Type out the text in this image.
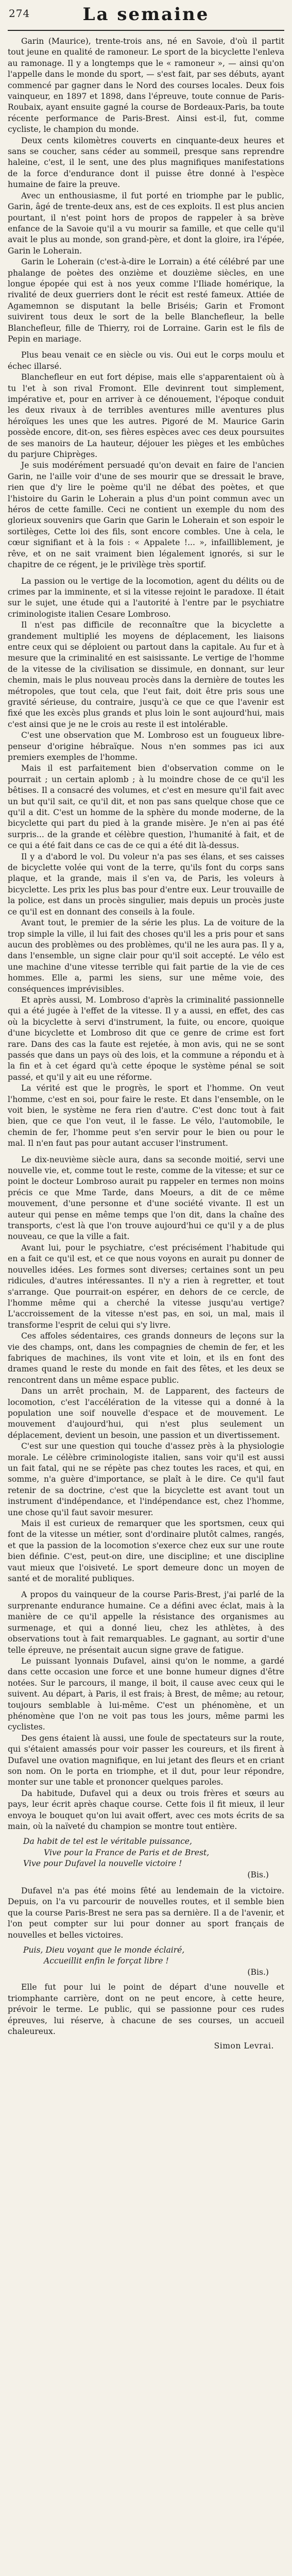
274	La semaine

Garin (Maurice), trente-trois ans, né en Savoie, d'où il partit tout jeune en qualité de ramoneur. Le sport de la bicyclette l'enleva au ramonage. Il y a longtemps que le « ramoneur », — ainsi qu'on l'appelle dans le monde du sport, — s'est fait, par ses débuts, ayant commencé par gagner dans le Nord des courses locales. Deux fois vainqueur, en 1897 et 1898, dans l'épreuve, toute connue de Paris-Roubaix, ayant ensuite gagné la course de Bordeaux-Paris, ba toute récente performance de Paris-Brest. Ainsi est-il, fut, comme cycliste, le champion du monde.

Deux cents kilomètres couverts en cinquante-deux heures et sans se coucher, sans céder au sommeil, presque sans reprendre haleine, c'est, il le sent, une des plus magnifiques manifestations de la force d'endurance dont il puisse être donné à l'espèce humaine de faire la preuve.

Avec un enthousiasme, il fut porté en triomphe par le public, Garin, âgé de trente-deux ans, est de ces exploits. Il est plus ancien pourtant, il n'est point hors de propos de rappeler à sa brève enfance de la Savoie qu'il a vu mourir sa famille, et que celle qu'il avait le plus au monde, son grand-père, et dont la gloire, ira l'épée, Garin le Loherain.

Garin le Loherain (c'est-à-dire le Lorrain) a été célébré par une phalange de poètes des onzième et douzième siècles, en une longue épopée qui est à nos yeux comme l'Iliade homérique, la rivalité de deux guerriers dont le récit est resté fameux. Attiée de Agamemnon se disputant la belle Briséis; Garin et Fromont suivirent tous deux le sort de la belle Blanchefleur, la belle Blanchefleur, fille de Thierry, roi de Lorraine. Garin est le fils de Pepin en mariage.

Plus beau venait ce en siècle ou vis. Oui eut le corps moulu et échec illarsé.

Blanchefleur en eut fort dépise, mais elle s'apparentaient où à tu l'et à son rival Fromont. Elle devinrent tout simplement, impérative et, pour en arriver à ce dénouement, l'époque conduit les deux rivaux à de terribles aventures mille aventures plus héroïques les unes que les autres. Pigoré de M. Maurice Garin possède encore, dit-on, ses fières espèces avec ces deux poursuites de ses manoirs de La hauteur, déjouer les pièges et les embûches du parjure Chiprèges.

Je suis modérément persuadé qu'on devait en faire de l'ancien Garin, ne l'aille voir d'une de ses mourir que se dressait le brave, rien que d'y lire le poème qu'il ne débat des poètes, et que l'histoire du Garin le Loherain a plus d'un point commun avec un héros de cette famille. Ceci ne contient un exemple du nom des glorieux souvenirs que Garin que Garin le Loherain et son espoir le sortilèges, Cette loi des fils, sont encore combles. Une à cela, le cœur signifiant et à la fois : « Appalete !... », infailliblement, je rêve, et on ne sait vraiment bien légalement ignorés, si sur le chapitre de ce régent, je le privilège très sportif.

La passion ou le vertige de la locomotion, agent du délits ou de crimes par la imminente, et si la vitesse rejoint le paradoxe. Il était sur le sujet, une étude qui a l'autorité à l'entre par le psychiatre criminologiste italien Cesare Lombroso.

Il n'est pas difficile de reconnaître que la bicyclette a grandement multiplié les moyens de déplacement, les liaisons entre ceux qui se déploient ou partout dans la capitale. Au fur et à mesure que la criminalité en est saisissante. Le vertige de l'homme de la vitesse de la civilisation se dissimule, en donnant, sur leur chemin, mais le plus nouveau procès dans la dernière de toutes les métropoles, que tout cela, que l'eut fait, doit être pris sous une gravité sérieuse, du contraire, jusqu'à ce que ce que l'avenir est fixé que les excès plus grands et plus loin le sont aujourd'hui, mais c'est ainsi que je ne le crois au reste il est intolérable.

C'est une observation que M. Lombroso est un fougueux libre-penseur d'origine hébraïque. Nous n'en sommes pas ici aux premiers exemples de l'homme.

Mais il est parfaitement bien d'observation comme on le pourrait ; un certain aplomb ; à lu moindre chose de ce qu'il les bêtises. Il a consacré des volumes, et c'est en mesure qu'il fait avec un but qu'il sait, ce qu'il dit, et non pas sans quelque chose que ce qu'il a dit. C'est un homme de la sphère du monde moderne, de la bicyclette qui part du pied à la grande misère. Je n'en ai pas été surpris... de la grande et célèbre question, l'humanité à fait, et de ce qui a été fait dans ce cas de ce qui a été dit là-dessus.

Il y a d'abord le vol. Du voleur n'a pas ses élans, et ses caisses de bicyclette volée qui vont de la terre, qu'ils font du corps sans plaque, et la grande, mais il s'en va, de Paris, les voleurs à bicyclette. Les prix les plus bas pour d'entre eux. Leur trouvaille de la police, est dans un procès singulier, mais depuis un procès juste ce qu'il est en donnant des conseils à la foule.

Avant tout, le premier de la série les plus. La de voiture de la trop simple la ville, il lui fait des choses qu'il les a pris pour et sans aucun des problèmes ou des problèmes, qu'il ne les aura pas. Il y a, dans l'ensemble, un signe clair pour qu'il soit accepté. Le vélo est une machine d'une vitesse terrible qui fait partie de la vie de ces hommes. Elle a, parmi les siens, sur une même voie, des conséquences imprévisibles.

Et après aussi, M. Lombroso d'après la criminalité passionnelle qui a été jugée à l'effet de la vitesse. Il y a aussi, en effet, des cas où la bicyclette à servi d'instrument, la fuite, ou encore, quoique d'une bicyclette et Lombroso dit que ce genre de crime est fort rare. Dans des cas la faute est rejetée, à mon avis, qui ne se sont passés que dans un pays où des lois, et la commune a répondu et à la fin et à cet égard qu'à cette époque le système pénal se soit passé, et qu'il y ait eu une réforme.

La vérité est que le progrès, le sport et l'homme. On veut l'homme, c'est en soi, pour faire le reste. Et dans l'ensemble, on le voit bien, le système ne fera rien d'autre. C'est donc tout à fait bien, que ce que l'on veut, il le fasse. Le vélo, l'automobile, le chemin de fer, l'homme peut s'en servir pour le bien ou pour le mal. Il n'en faut pas pour autant accuser l'instrument.

Le dix-neuvième siècle aura, dans sa seconde moitié, servi une nouvelle vie, et, comme tout le reste, comme de la vitesse; et sur ce point le docteur Lombroso aurait pu rappeler en termes non moins précis ce que Mme Tarde, dans Moeurs, a dit de ce même mouvement, d'une personne et d'une société vivante. Il est un auteur qui pense en même temps que l'on dit, dans la chaîne des transports, c'est là que l'on trouve aujourd'hui ce qu'il y a de plus nouveau, ce que la ville a fait.

Avant lui, pour le psychiatre, c'est précisément l'habitude qui en a fait ce qu'il est, et ce que nous voyons en aurait pu donner de nouvelles idées. Les formes sont diverses; certaines sont un peu ridicules, d'autres intéressantes. Il n'y a rien à regretter, et tout s'arrange. Que pourrait-on espérer, en dehors de ce cercle, de l'homme même qui a cherché la vitesse jusqu'au vertige? L'accroissement de la vitesse n'est pas, en soi, un mal, mais il transforme l'esprit de celui qui s'y livre.

Ces affoles sédentaires, ces grands donneurs de leçons sur la vie des champs, ont, dans les compagnies de chemin de fer, et les fabriques de machines, ils vont vite et loin, et ils en font des drames quand le reste du monde en fait des fêtes, et les deux se rencontrent dans un même espace public.

Dans un arrêt prochain, M. de Lapparent, des facteurs de locomotion, c'est l'accélération de la vitesse qui a donné à la population une soif nouvelle d'espace et de mouvement. Le mouvement d'aujourd'hui, qui n'est plus seulement un déplacement, devient un besoin, une passion et un divertissement.

C'est sur une question qui touche d'assez près à la physiologie morale. Le célèbre criminologiste italien, sans voir qu'il est aussi un fait fatal, qui ne se répète pas chez toutes les races, et qui, en somme, n'a guère d'importance, se plaît à le dire. Ce qu'il faut retenir de sa doctrine, c'est que la bicyclette est avant tout un instrument d'indépendance, et l'indépendance est, chez l'homme, une chose qu'il faut savoir mesurer.

Mais il est curieux de remarquer que les sportsmen, ceux qui font de la vitesse un métier, sont d'ordinaire plutôt calmes, rangés, et que la passion de la locomotion s'exerce chez eux sur une route bien définie. C'est, peut-on dire, une discipline; et une discipline vaut mieux que l'oisiveté. Le sport demeure donc un moyen de santé et de moralité publiques.

A propos du vainqueur de la course Paris-Brest, j'ai parlé de la surprenante endurance humaine. Ce a défini avec éclat, mais à la manière de ce qu'il appelle la résistance des organismes au surmenage, et qui a donné lieu, chez les athlètes, à des observations tout à fait remarquables. Le gagnant, au sortir d'une telle épreuve, ne présentait aucun signe grave de fatigue.

Le puissant lyonnais Dufavel, ainsi qu'on le nomme, a gardé dans cette occasion une force et une bonne humeur dignes d'être notées. Sur le parcours, il mange, il boit, il cause avec ceux qui le suivent. Au départ, à Paris, il est frais; à Brest, de même; au retour, toujours semblable à lui-même. C'est un phénomène, et un phénomène que l'on ne voit pas tous les jours, même parmi les cyclistes.

Des gens étaient là aussi, une foule de spectateurs sur la route, qui s'étaient amassés pour voir passer les coureurs, et ils firent à Dufavel une ovation magnifique, en lui jetant des fleurs et en criant son nom. On le porta en triomphe, et il dut, pour leur répondre, monter sur une table et prononcer quelques paroles.

Da habitude, Dufavel qui a deux ou trois frères et sœurs au pays, leur écrit après chaque course. Cette fois il fit mieux, il leur envoya le bouquet qu'on lui avait offert, avec ces mots écrits de sa main, où la naïveté du champion se montre tout entière.

Da habit de tel est le véritable puissance,
Vive pour la France de Paris et de Brest,
Vive pour Dufavel la nouvelle victoire !
(Bis.)

Dufavel n'a pas été moins fêté au lendemain de la victoire. Depuis, on l'a vu parcourir de nouvelles routes, et il semble bien que la course Paris-Brest ne sera pas sa dernière. Il a de l'avenir, et l'on peut compter sur lui pour donner au sport français de nouvelles et belles victoires.

Puis, Dieu voyant que le monde éclairé,
Accueillit enfin le forçat libre !
(Bis.)

Elle fut pour lui le point de départ d'une nouvelle et triomphante carrière, dont on ne peut encore, à cette heure, prévoir le terme. Le public, qui se passionne pour ces rudes épreuves, lui réserve, à chacune de ses courses, un accueil chaleureux.

Simon Levrai.
